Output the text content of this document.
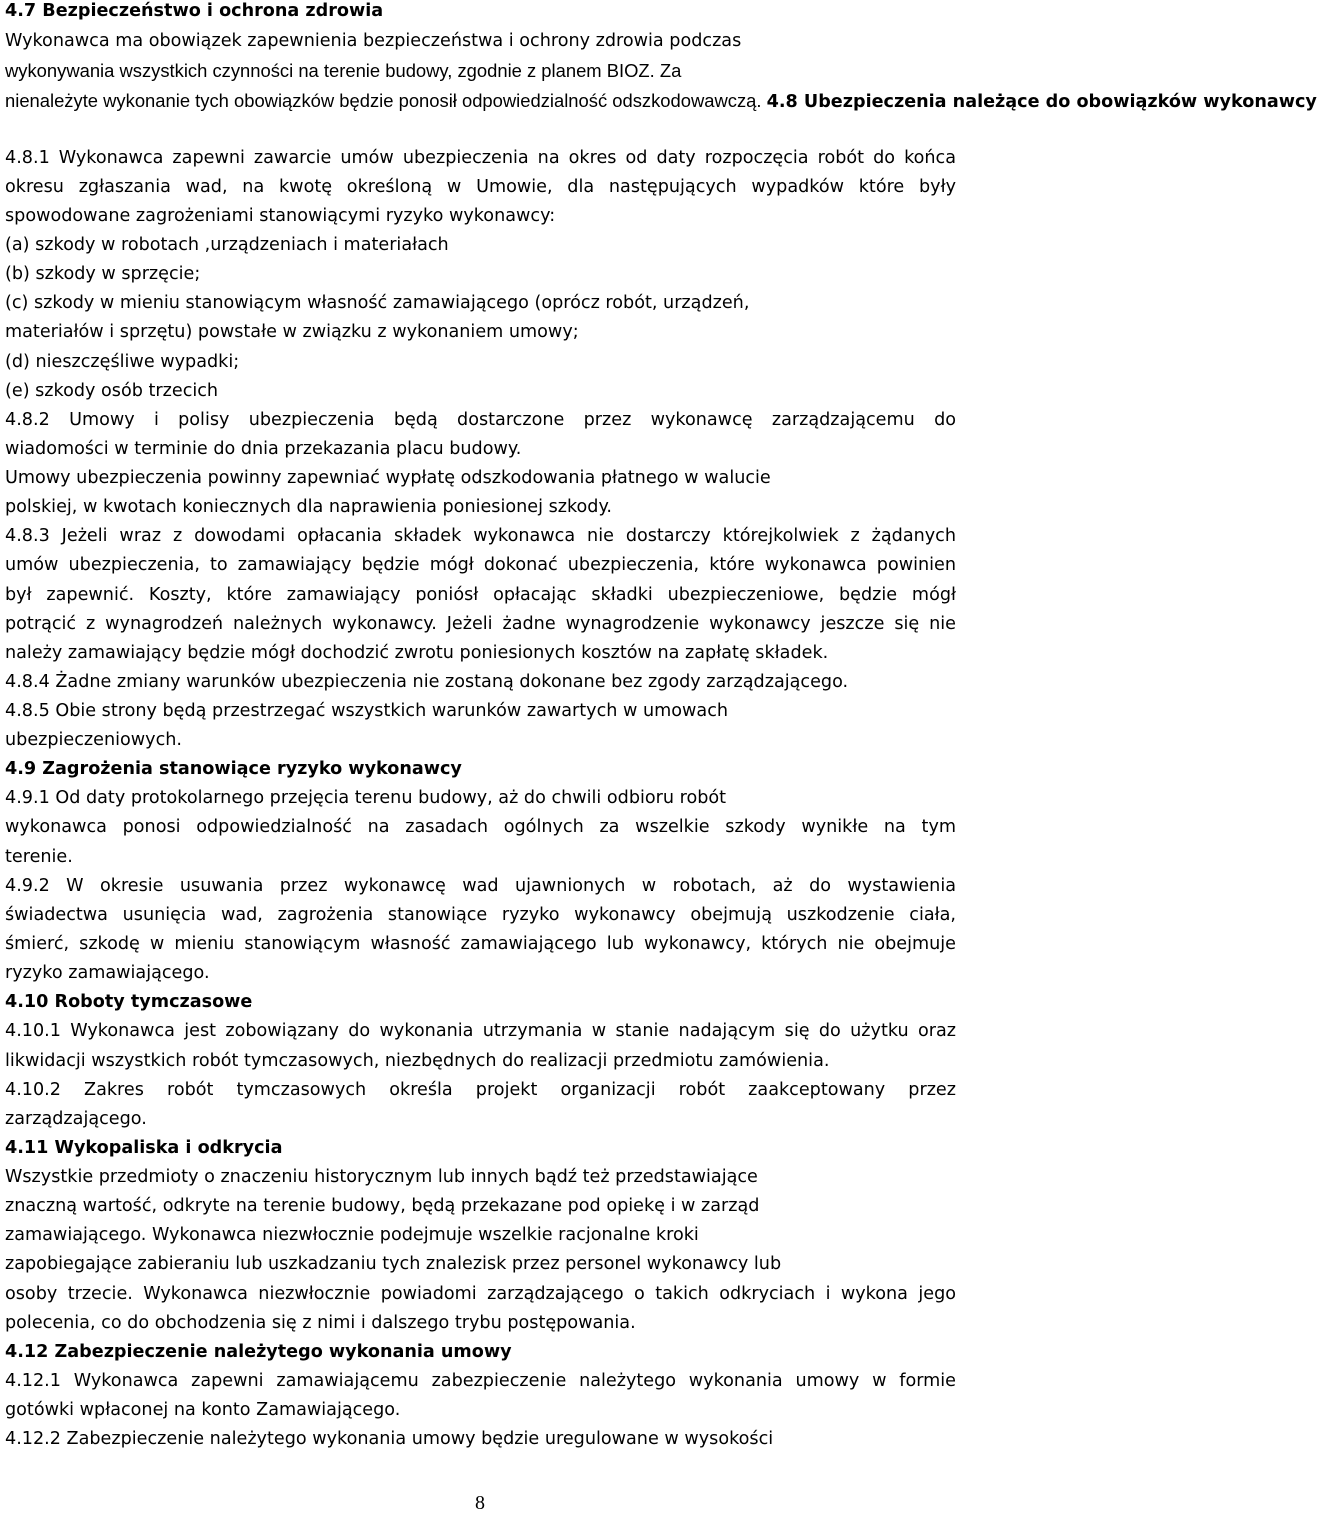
4.7 Bezpieczeństwo i ochrona zdrowia
Wykonawca ma obowiązek zapewnienia bezpieczeństwa i ochrony zdrowia podczas
wykonywania wszystkich czynności na terenie budowy, zgodnie z planem BIOZ. Za
nienależyte wykonanie tych obowiązków będzie ponosił odpowiedzialność odszkodowawczą. 4.8 Ubezpieczenia należące do obowiązków wykonawcy
4.8.1 Wykonawca zapewni zawarcie umów ubezpieczenia na okres od daty rozpoczęcia robót do końca
okresu zgłaszania wad, na kwotę określoną w Umowie, dla następujących wypadków które były
spowodowane zagrożeniami stanowiącymi ryzyko wykonawcy:
(a) szkody w robotach ,urządzeniach i materiałach
(b) szkody w sprzęcie;
(c) szkody w mieniu stanowiącym własność zamawiającego (oprócz robót, urządzeń,
materiałów i sprzętu) powstałe w związku z wykonaniem umowy;
(d) nieszczęśliwe wypadki;
(e) szkody osób trzecich
4.8.2 Umowy i polisy ubezpieczenia będą dostarczone przez wykonawcę zarządzającemu do
wiadomości w terminie do dnia przekazania placu budowy.
Umowy ubezpieczenia powinny zapewniać wypłatę odszkodowania płatnego w walucie
polskiej, w kwotach koniecznych dla naprawienia poniesionej szkody.
4.8.3 Jeżeli wraz z dowodami opłacania składek wykonawca nie dostarczy którejkolwiek z żądanych
umów ubezpieczenia, to zamawiający będzie mógł dokonać ubezpieczenia, które wykonawca powinien
był zapewnić. Koszty, które zamawiający poniósł opłacając składki ubezpieczeniowe, będzie mógł
potrącić z wynagrodzeń należnych wykonawcy. Jeżeli żadne wynagrodzenie wykonawcy jeszcze się nie
należy zamawiający będzie mógł dochodzić zwrotu poniesionych kosztów na zapłatę składek.
4.8.4 Żadne zmiany warunków ubezpieczenia nie zostaną dokonane bez zgody zarządzającego.
4.8.5 Obie strony będą przestrzegać wszystkich warunków zawartych w umowach
ubezpieczeniowych.
4.9 Zagrożenia stanowiące ryzyko wykonawcy
4.9.1 Od daty protokolarnego przejęcia terenu budowy, aż do chwili odbioru robót
wykonawca ponosi odpowiedzialność na zasadach ogólnych za wszelkie szkody wynikłe na tym
terenie.
4.9.2 W okresie usuwania przez wykonawcę wad ujawnionych w robotach, aż do wystawienia
świadectwa usunięcia wad, zagrożenia stanowiące ryzyko wykonawcy obejmują uszkodzenie ciała,
śmierć, szkodę w mieniu stanowiącym własność zamawiającego lub wykonawcy, których nie obejmuje
ryzyko zamawiającego.
4.10 Roboty tymczasowe
4.10.1 Wykonawca jest zobowiązany do wykonania utrzymania w stanie nadającym się do użytku oraz
likwidacji wszystkich robót tymczasowych, niezbędnych do realizacji przedmiotu zamówienia.
4.10.2 Zakres robót tymczasowych określa projekt organizacji robót zaakceptowany przez
zarządzającego.
4.11 Wykopaliska i odkrycia
Wszystkie przedmioty o znaczeniu historycznym lub innych bądź też przedstawiające
znaczną wartość, odkryte na terenie budowy, będą przekazane pod opiekę i w zarząd
zamawiającego. Wykonawca niezwłocznie podejmuje wszelkie racjonalne kroki
zapobiegające zabieraniu lub uszkadzaniu tych znalezisk przez personel wykonawcy lub
osoby trzecie. Wykonawca niezwłocznie powiadomi zarządzającego o takich odkryciach i wykona jego
polecenia, co do obchodzenia się z nimi i dalszego trybu postępowania.
4.12 Zabezpieczenie należytego wykonania umowy
4.12.1 Wykonawca zapewni zamawiającemu zabezpieczenie należytego wykonania umowy w formie
gotówki wpłaconej na konto Zamawiającego.
4.12.2 Zabezpieczenie należytego wykonania umowy będzie uregulowane w wysokości
8
